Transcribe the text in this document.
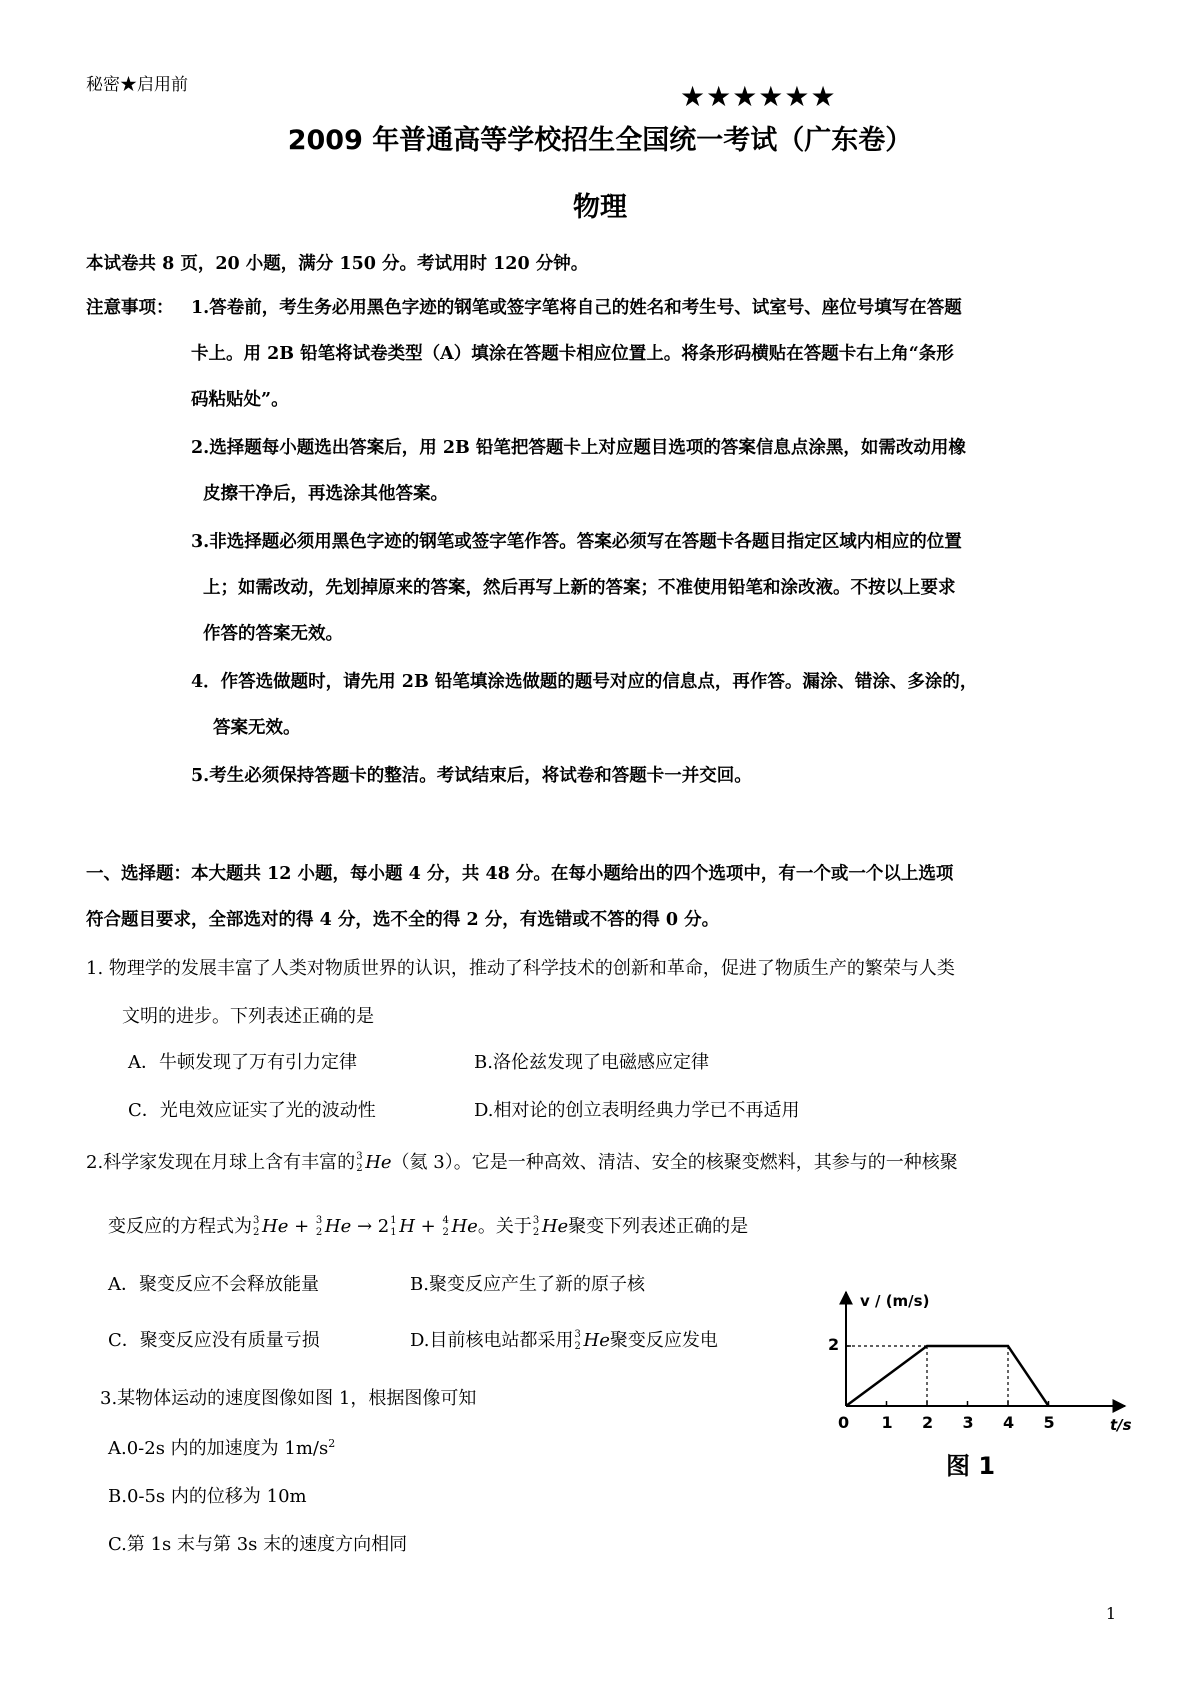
秘密★启用前	★★★★★★
2009 年普通高等学校招生全国统一考试（广东卷）
物理
本试卷共 8 页，20 小题，满分 150 分。考试用时 120 分钟。
注意事项： 1.答卷前，考生务必用黑色字迹的钢笔或签字笔将自己的姓名和考生号、试室号、座位号填写在答题
卡上。用 2B 铅笔将试卷类型（A）填涂在答题卡相应位置上。将条形码横贴在答题卡右上角“条形
码粘贴处”。
2.选择题每小题选出答案后，用 2B 铅笔把答题卡上对应题目选项的答案信息点涂黑，如需改动用橡
皮擦干净后，再选涂其他答案。
3.非选择题必须用黑色字迹的钢笔或签字笔作答。答案必须写在答题卡各题目指定区域内相应的位置
上；如需改动，先划掉原来的答案，然后再写上新的答案；不准使用铅笔和涂改液。不按以上要求
作答的答案无效。
4．作答选做题时，请先用 2B 铅笔填涂选做题的题号对应的信息点，再作答。漏涂、错涂、多涂的，
答案无效。
5.考生必须保持答题卡的整洁。考试结束后，将试卷和答题卡一并交回。
一、选择题：本大题共 12 小题，每小题 4 分，共 48 分。在每小题给出的四个选项中，有一个或一个以上选项
符合题目要求，全部选对的得 4 分，选不全的得 2 分，有选错或不答的得 0 分。
1. 物理学的发展丰富了人类对物质世界的认识，推动了科学技术的创新和革命，促进了物质生产的繁荣与人类
文明的进步。下列表述正确的是
A．牛顿发现了万有引力定律	B.洛伦兹发现了电磁感应定律
C．光电效应证实了光的波动性	D.相对论的创立表明经典力学已不再适用
2.科学家发现在月球上含有丰富的 3
2 He（氦 3）。它是一种高效、清洁、安全的核聚变燃料，其参与的一种核聚
变反应的方程式为 3
2 He + 3
2 He → 2 1
1 H + 4
2 He。关于 3
2 He聚变下列表述正确的是
A．聚变反应不会释放能量	B.聚变反应产生了新的原子核
C．聚变反应没有质量亏损	D.目前核电站都采用 3
2 He聚变反应发电
3.某物体运动的速度图像如图 1，根据图像可知
A.0-2s 内的加速度为 $1m/s^2$
B.0-5s 内的位移为 10m
C.第 1s 末与第 3s 末的速度方向相同
0 1 2 3 4 5
v / (m/s)
t/s
2
图 1
1
